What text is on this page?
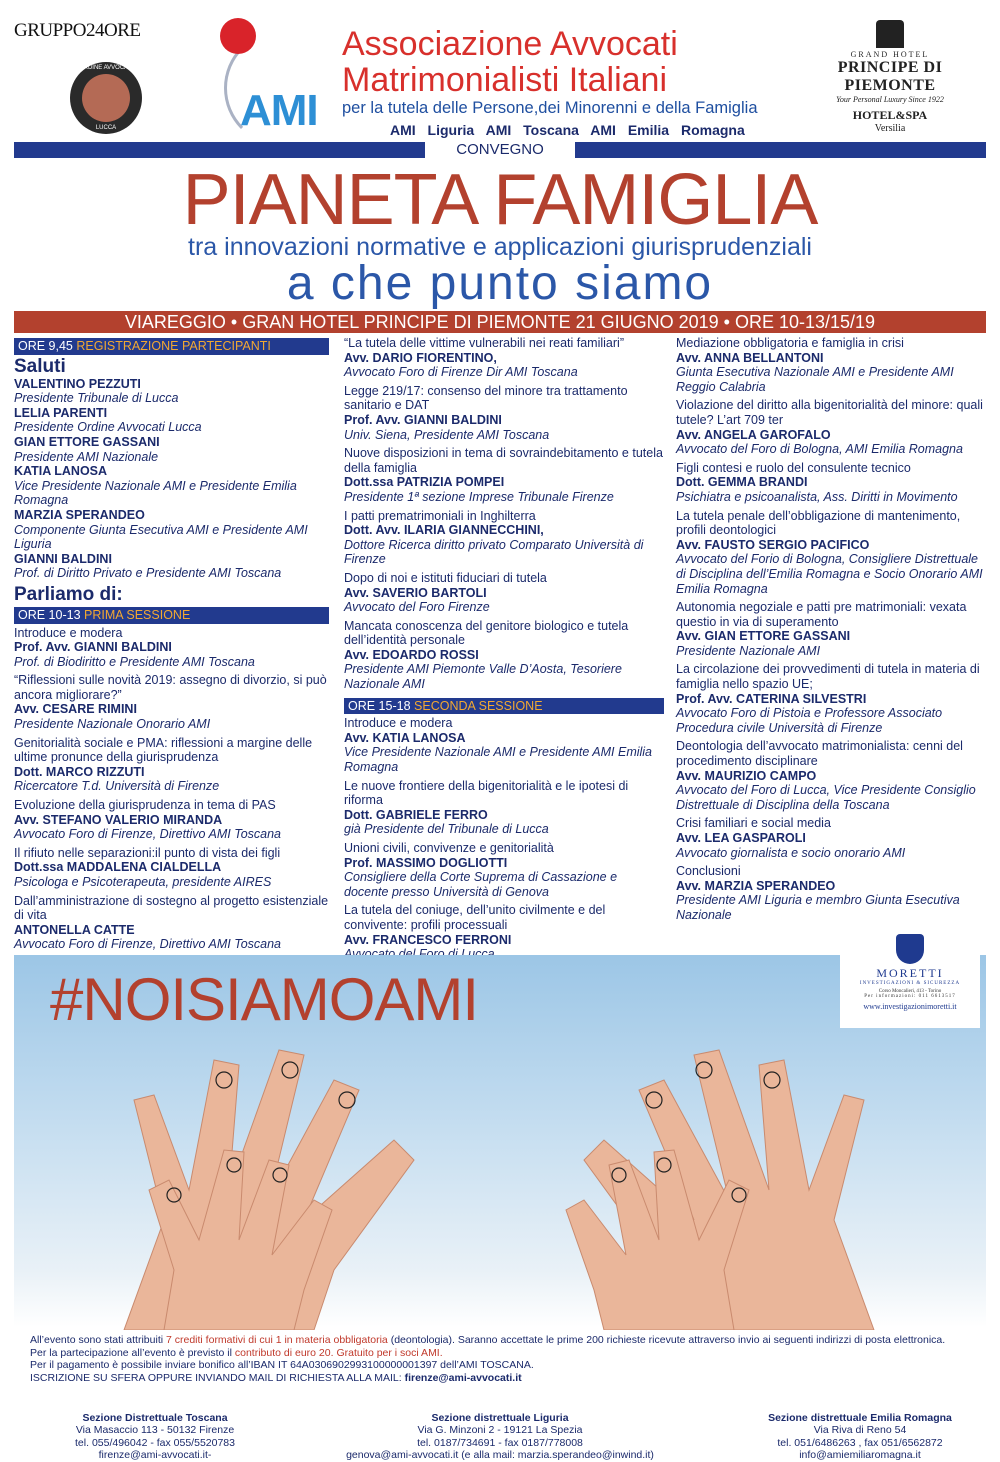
GRUPPO24ORE
ORDINE AVVOCATI
LUCCA	AMI
Associazione Avvocati
Matrimonialisti Italiani
per la tutela delle Persone,dei Minorenni e della Famiglia
AMI Liguria AMI Toscana AMI Emilia Romagna
GRAND HOTEL
PRINCIPE DI PIEMONTE
Your Personal Luxury Since 1922
HOTEL&SPA
Versilia
CONVEGNO
PIANETA FAMIGLIA
tra innovazioni normative e applicazioni giurisprudenziali
a che punto siamo
VIAREGGIO • GRAN HOTEL PRINCIPE DI PIEMONTE 21 GIUGNO 2019 • ORE 10-13/15/19
ORE 9,45 REGISTRAZIONE PARTECIPANTI
Saluti
VALENTINO PEZZUTI
Presidente Tribunale di Lucca
LELIA PARENTI
Presidente Ordine Avvocati Lucca
GIAN ETTORE GASSANI
Presidente AMI Nazionale
KATIA LANOSA
Vice Presidente Nazionale AMI e Presidente Emilia Romagna
MARZIA SPERANDEO
Componente Giunta Esecutiva AMI e Presidente AMI Liguria
GIANNI BALDINI
Prof. di Diritto Privato e Presidente AMI Toscana
Parliamo di:
ORE 10-13 PRIMA SESSIONE
Introduce e modera
Prof. Avv. GIANNI BALDINI
Prof. di Biodiritto e Presidente AMI Toscana
“Riflessioni sulle novità 2019: assegno di divorzio, si può ancora migliorare?”
Avv. CESARE RIMINI
Presidente Nazionale Onorario AMI
Genitorialità sociale e PMA: riflessioni a margine delle ultime pronunce della giurisprudenza
Dott. MARCO RIZZUTI
Ricercatore T.d. Università di Firenze
Evoluzione della giurisprudenza in tema di PAS
Avv. STEFANO VALERIO MIRANDA
Avvocato Foro di Firenze, Direttivo AMI Toscana
Il rifiuto nelle separazioni:il punto di vista dei figli
Dott.ssa MADDALENA CIALDELLA
Psicologa e Psicoterapeuta, presidente AIRES
Dall’amministrazione di sostegno al progetto esistenziale di vita
ANTONELLA CATTE
Avvocato Foro di Firenze, Direttivo AMI Toscana
“La tutela delle vittime vulnerabili nei reati familiari”
Avv. DARIO FIORENTINO,
Avvocato Foro di Firenze Dir AMI Toscana
Legge 219/17: consenso del minore tra trattamento sanitario e DAT
Prof. Avv. GIANNI BALDINI
Univ. Siena, Presidente AMI Toscana
Nuove disposizioni in tema di sovraindebitamento e tutela della famiglia
Dott.ssa PATRIZIA POMPEI
Presidente 1ª sezione Imprese Tribunale Firenze
I patti prematrimoniali in Inghilterra
Dott. Avv. ILARIA GIANNECCHINI,
Dottore Ricerca diritto privato Comparato Università di Firenze
Dopo di noi e istituti fiduciari di tutela
Avv. SAVERIO BARTOLI
Avvocato del Foro Firenze
Mancata conoscenza del genitore biologico e tutela dell’identità personale
Avv. EDOARDO ROSSI
Presidente AMI Piemonte Valle D’Aosta, Tesoriere Nazionale AMI
ORE 15-18 SECONDA SESSIONE
Introduce e modera
Avv. KATIA LANOSA
Vice Presidente Nazionale AMI e Presidente AMI Emilia Romagna
Le nuove frontiere della bigenitorialità e le ipotesi di riforma
Dott. GABRIELE FERRO
già Presidente del Tribunale di Lucca
Unioni civili, convivenze e genitorialità
Prof. MASSIMO DOGLIOTTI
Consigliere della Corte Suprema di Cassazione e docente presso Università di Genova
La tutela del coniuge, dell’unito civilmente e del convivente: profili processuali
Avv. FRANCESCO FERRONI
Mediazione obbligatoria e famiglia in crisi
Avv. ANNA BELLANTONI
Giunta Esecutiva Nazionale AMI e Presidente AMI Reggio Calabria
Violazione del diritto alla bigenitorialità del minore: quali tutele? L’art 709 ter
Avv. ANGELA GAROFALO
Avvocato del Foro di Bologna, AMI Emilia Romagna
Figli contesi e ruolo del consulente tecnico
Dott. GEMMA BRANDI
Psichiatra e psicoanalista, Ass. Diritti in Movimento
La tutela penale dell’obbligazione di mantenimento, profili deontologici
Avv. FAUSTO SERGIO PACIFICO
Avvocato del Forio di Bologna, Consigliere Distrettuale di Disciplina dell’Emilia Romagna e Socio Onorario AMI Emilia Romagna
Autonomia negoziale e patti pre matrimoniali: vexata questio in via di superamento
Avv. GIAN ETTORE GASSANI
Presidente Nazionale AMI
La circolazione dei provvedimenti di tutela in materia di famiglia nello spazio UE;
Prof. Avv. CATERINA SILVESTRI
Avvocato Foro di Pistoia e Professore Associato Procedura civile Università di Firenze
Deontologia dell’avvocato matrimonialista: cenni del procedimento disciplinare
Avv. MAURIZIO CAMPO
Avvocato del Foro di Lucca, Vice Presidente Consiglio Distrettuale di Disciplina della Toscana
Crisi familiari e social media
Avv. LEA GASPAROLI
Avvocato giornalista e socio onorario AMI
Conclusioni
Avv. MARZIA SPERANDEO
Presidente AMI Liguria e membro Giunta Esecutiva Nazionale
#NOISIAMOAMI	MORETTI
INVESTIGAZIONI & SICUREZZA
Corso Moncalieri, 413 - Torino
Per informazioni: 011 6613517
www.investigazionimoretti.it
All’evento sono stati attribuiti 7 crediti formativi di cui 1 in materia obbligatoria (deontologia). Saranno accettate le prime 200 richieste ricevute attraverso invio ai seguenti indirizzi di posta elettronica.
Per la partecipazione all’evento è previsto il contributo di euro 20. Gratuito per i soci AMI.
Per il pagamento è possibile inviare bonifico all’IBAN IT 64A0306902993100000001397 dell’AMI TOSCANA.
ISCRIZIONE SU SFERA OPPURE INVIANDO MAIL DI RICHIESTA ALLA MAIL: firenze@ami-avvocati.it
Sezione Distrettuale Toscana
Via Masaccio 113 - 50132 Firenze
tel. 055/496042 - fax 055/5520783
firenze@ami-avvocati.it-
Sezione distrettuale Liguria
Via G. Minzoni 2 - 19121 La Spezia
tel. 0187/734691 - fax 0187/778008
genova@ami-avvocati.it (e alla mail: marzia.sperandeo@inwind.it)
Sezione distrettuale Emilia Romagna
Via Riva di Reno 54
tel. 051/6486263 , fax 051/6562872
info@amiemiliaromagna.it
